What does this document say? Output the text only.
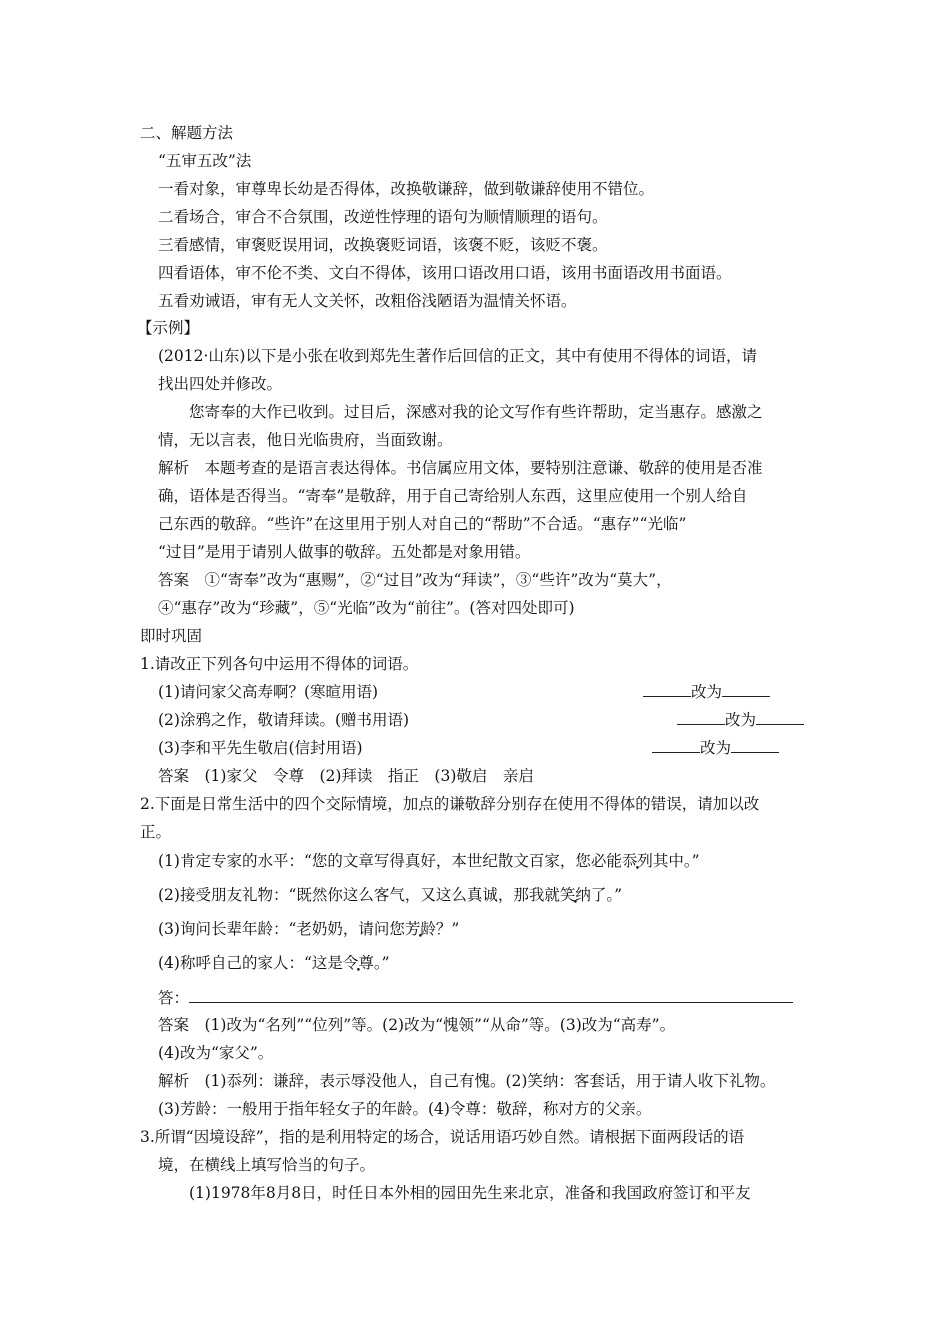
二、解题方法
“五审五改”法
一看对象，审尊卑长幼是否得体，改换敬谦辞，做到敬谦辞使用不错位。
二看场合，审合不合氛围，改逆性悖理的语句为顺情顺理的语句。
三看感情，审褒贬误用词，改换褒贬词语，该褒不贬，该贬不褒。
四看语体，审不伦不类、文白不得体，该用口语改用口语，该用书面语改用书面语。
五看劝诫语，审有无人文关怀，改粗俗浅陋语为温情关怀语。
【示例】
(2012·山东)以下是小张在收到郑先生著作后回信的正文，其中有使用不得体的词语，请
找出四处并修改。
您寄奉的大作已收到。过目后，深感对我的论文写作有些许帮助，定当惠存。感激之
情，无以言表，他日光临贵府，当面致谢。
解析　本题考查的是语言表达得体。书信属应用文体，要特别注意谦、敬辞的使用是否准
确，语体是否得当。“寄奉”是敬辞，用于自己寄给别人东西，这里应使用一个别人给自
己东西的敬辞。“些许”在这里用于别人对自己的“帮助”不合适。“惠存”“光临”
“过目”是用于请别人做事的敬辞。五处都是对象用错。
答案　①“寄奉”改为“惠赐”，②“过目”改为“拜读”，③“些许”改为“莫大”，
④“惠存”改为“珍藏”，⑤“光临”改为“前往”。(答对四处即可)
即时巩固
1.请改正下列各句中运用不得体的词语。
(1)请问家父高寿啊？(寒暄用语)	改为
(2)涂鸦之作，敬请拜读。(赠书用语)	改为
(3)李和平先生敬启(信封用语)	改为
答案　(1)家父　令尊　(2)拜读　指正　(3)敬启　亲启
2.下面是日常生活中的四个交际情境，加点的谦敬辞分别存在使用不得体的错误，请加以改
正。
(1)肯定专家的水平：“您的文章写得真好，本世纪散文百家，您必能忝列其中。”
(2)接受朋友礼物：“既然你这么客气，又这么真诚，那我就笑纳了。”
(3)询问长辈年龄：“老奶奶，请问您芳龄？”
(4)称呼自己的家人：“这是令尊。”
答：
答案　(1)改为“名列”“位列”等。(2)改为“愧领”“从命”等。(3)改为“高寿”。
(4)改为“家父”。
解析　(1)忝列：谦辞，表示辱没他人，自己有愧。(2)笑纳：客套话，用于请人收下礼物。
(3)芳龄：一般用于指年轻女子的年龄。(4)令尊：敬辞，称对方的父亲。
3.所谓“因境设辞”，指的是利用特定的场合，说话用语巧妙自然。请根据下面两段话的语
境，在横线上填写恰当的句子。
(1)1978年8月8日，时任日本外相的园田先生来北京，准备和我国政府签订和平友
